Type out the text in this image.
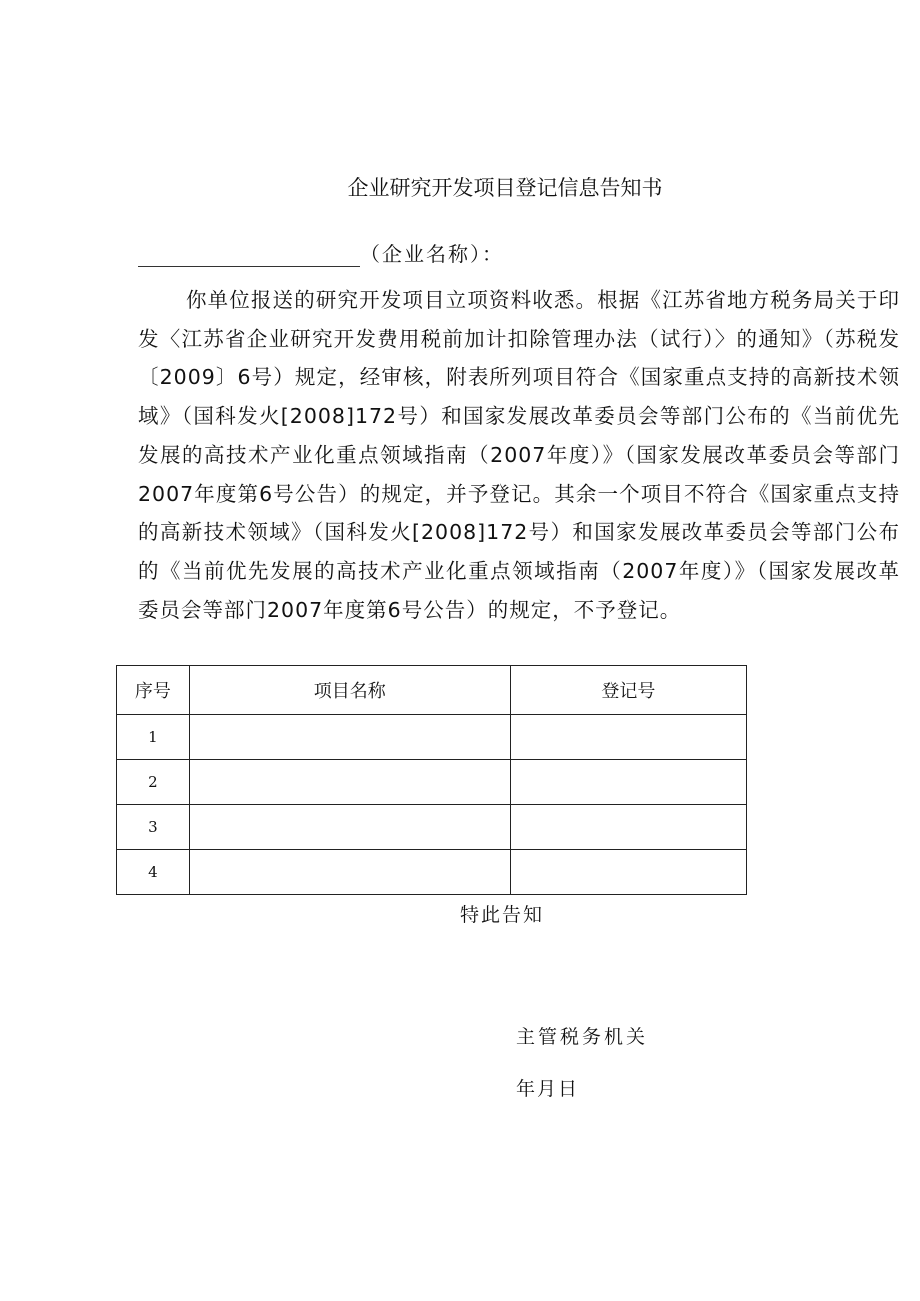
企业研究开发项目登记信息告知书
（企业名称）：
你单位报送的研究开发项目立项资料收悉。根据《江苏省地方税务局关于印发〈江苏省企业研究开发费用税前加计扣除管理办法（试行）〉的通知》（苏税发〔2009〕6号）规定，经审核，附表所列项目符合《国家重点支持的高新技术领域》（国科发火[2008]172号）和国家发展改革委员会等部门公布的《当前优先发展的高技术产业化重点领域指南（2007年度）》（国家发展改革委员会等部门2007年度第6号公告）的规定，并予登记。其余一个项目不符合《国家重点支持的高新技术领域》（国科发火[2008]172号）和国家发展改革委员会等部门公布的《当前优先发展的高技术产业化重点领域指南（2007年度）》（国家发展改革委员会等部门2007年度第6号公告）的规定，不予登记。
序号	项目名称	登记号
1		
2		
3		
4		
特此告知
主管税务机关
年月日
